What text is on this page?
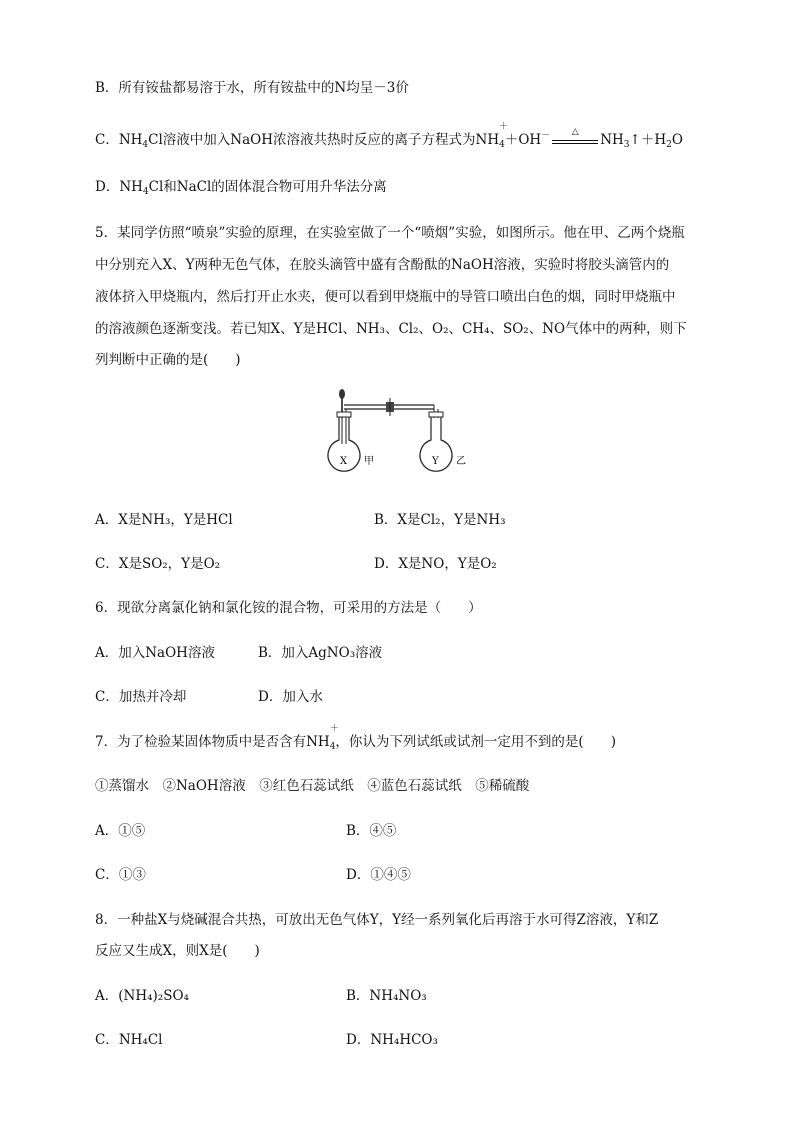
B．所有铵盐都易溶于水，所有铵盐中的N均呈－3价
C．$NH_4Cl$溶液中加入NaOH浓溶液共热时反应的离子方程式为NH
＋
$_4$＋OH－	△
$NH_3↑+H_2O$
D．$NH_4Cl$和NaCl的固体混合物可用升华法分离
5．某同学仿照“喷泉”实验的原理，在实验室做了一个“喷烟”实验，如图所示。他在甲、乙两个烧瓶
中分别充入X、Y两种无色气体，在胶头滴管中盛有含酚酞的NaOH溶液，实验时将胶头滴管内的
液体挤入甲烧瓶内，然后打开止水夹，便可以看到甲烧瓶中的导管口喷出白色的烟，同时甲烧瓶中
的溶液颜色逐渐变浅。若已知X、Y是HCl、NH₃、Cl₂、O₂、CH₄、SO₂、NO气体中的两种，则下
列判断中正确的是(　　)
X 甲	Y 乙
A．X是NH₃，Y是HCl	B．X是Cl₂，Y是NH₃
C．X是SO₂，Y是O₂	D．X是NO，Y是O₂
6．现欲分离氯化钠和氯化铵的混合物，可采用的方法是（　　）
A．加入NaOH溶液	B．加入AgNO₃溶液
C．加热并冷却	D．加入水
7．为了检验某固体物质中是否含有NH
＋
$_4$，你认为下列试纸或试剂一定用不到的是(　　)
①蒸馏水　②NaOH溶液　③红色石蕊试纸　④蓝色石蕊试纸　⑤稀硫酸
A．①⑤	B．④⑤
C．①③	D．①④⑤
8．一种盐X与烧碱混合共热，可放出无色气体Y，Y经一系列氧化后再溶于水可得Z溶液，Y和Z
反应又生成X，则X是(　　)
A．(NH₄)₂SO₄	B．NH₄NO₃
C．NH₄Cl	D．NH₄HCO₃
